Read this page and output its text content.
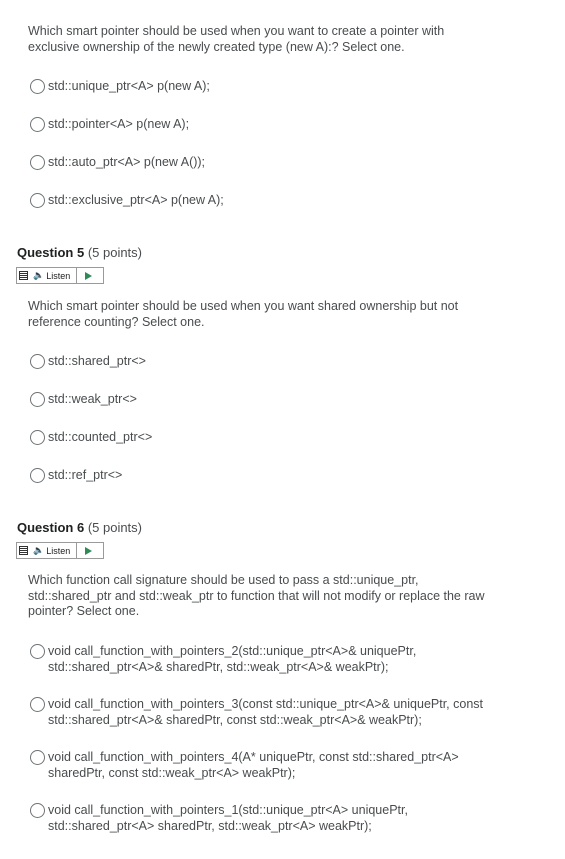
Which smart pointer should be used when you want to create a pointer with
exclusive ownership of the newly created type (new A):? Select one.
std::unique_ptr<A> p(new A);
std::pointer<A> p(new A);
std::auto_ptr<A> p(new A());
std::exclusive_ptr<A> p(new A);
Question 5 (5 points)
🔈 Listen
Which smart pointer should be used when you want shared ownership but not
reference counting? Select one.
std::shared_ptr<>
std::weak_ptr<>
std::counted_ptr<>
std::ref_ptr<>
Question 6 (5 points)
🔈 Listen
Which function call signature should be used to pass a std::unique_ptr,
std::shared_ptr and std::weak_ptr to function that will not modify or replace the raw
pointer? Select one.
void call_function_with_pointers_2(std::unique_ptr<A>& uniquePtr,
std::shared_ptr<A>& sharedPtr, std::weak_ptr<A>& weakPtr);
void call_function_with_pointers_3(const std::unique_ptr<A>& uniquePtr, const
std::shared_ptr<A>& sharedPtr, const std::weak_ptr<A>& weakPtr);
void call_function_with_pointers_4(A* uniquePtr, const std::shared_ptr<A>
sharedPtr, const std::weak_ptr<A> weakPtr);
void call_function_with_pointers_1(std::unique_ptr<A> uniquePtr,
std::shared_ptr<A> sharedPtr, std::weak_ptr<A> weakPtr);
